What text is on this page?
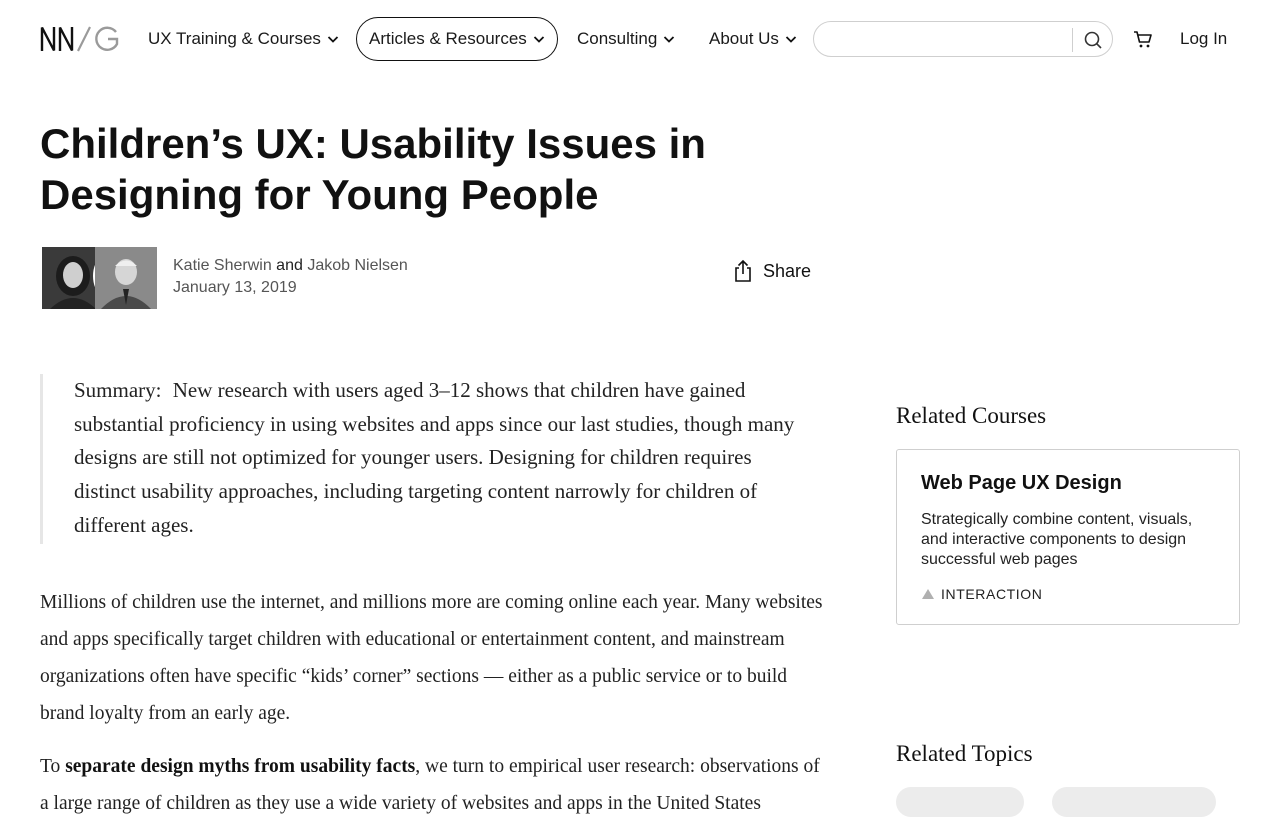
UX Training & Courses	Articles & Resources	Consulting	About Us	Log In
Children’s UX: Usability Issues in Designing for Young People
Katie Sherwin and Jakob Nielsen
January 13, 2019
Share
Summary: New research with users aged 3–12 shows that children have gained substantial proficiency in using websites and apps since our last studies, though many designs are still not optimized for younger users. Designing for children requires distinct usability approaches, including targeting content narrowly for children of different ages.

Millions of children use the internet, and millions more are coming online each year. Many websites and apps specifically target children with educational or entertainment content, and mainstream organizations often have specific “kids’ corner” sections — either as a public service or to build brand loyalty from an early age.

To separate design myths from usability facts, we turn to empirical user research: observations of a large range of children as they use a wide variety of websites and apps in the United States

Related Courses
Web Page UX Design
Strategically combine content, visuals, and interactive components to design successful web pages
INTERACTION
Related Topics
